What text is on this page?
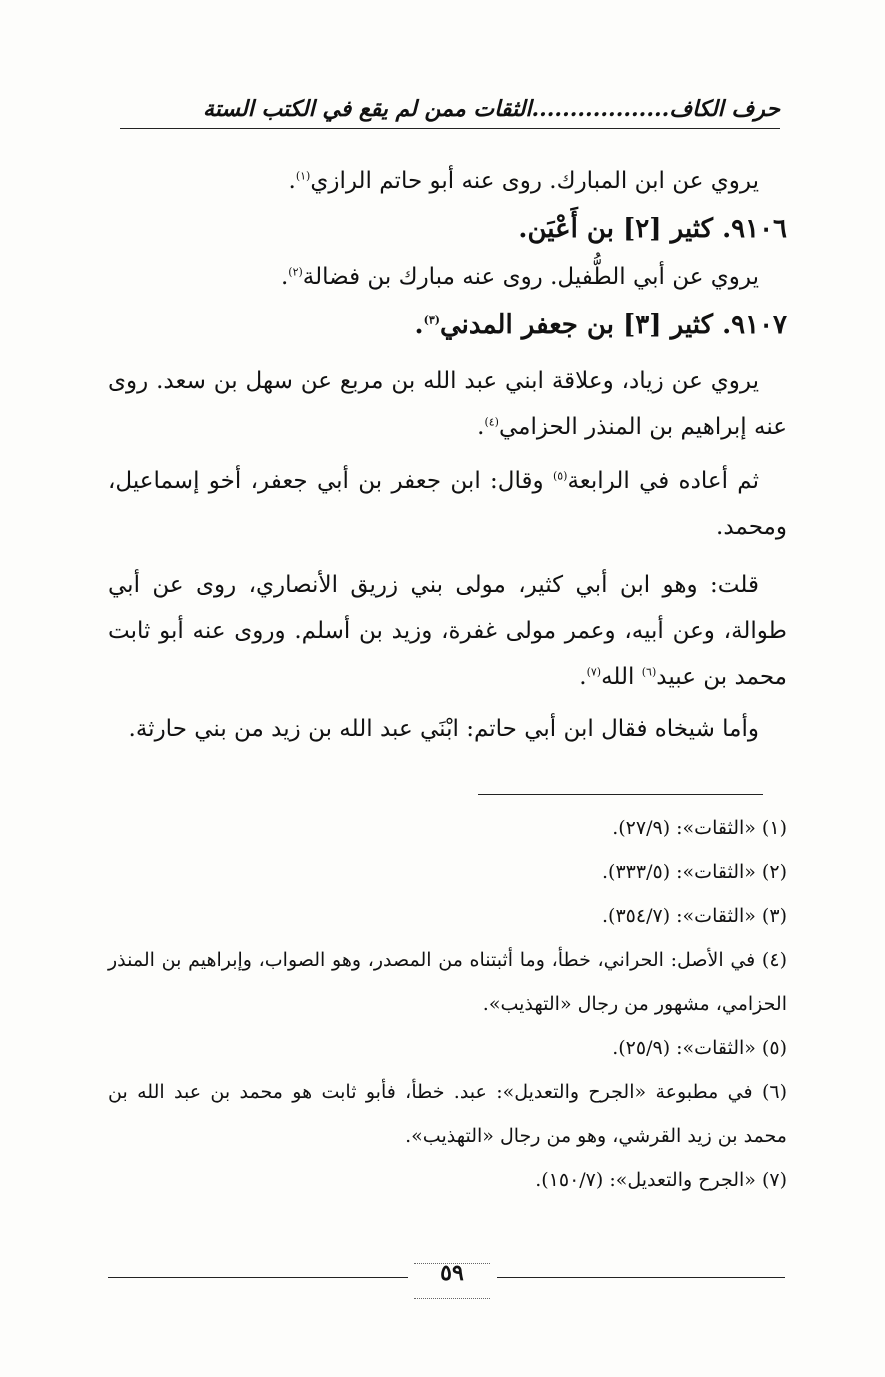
حرف الكاف..................الثقات ممن لم يقع في الكتب الستة

يروي عن ابن المبارك. روى عنه أبو حاتم الرازي$^{(١)}$.

٩١٠٦. كثير [٢] بن أَعْيَن.

يروي عن أبي الطُّفيل. روى عنه مبارك بن فضالة$^{(٢)}$.

٩١٠٧. كثير [٣] بن جعفر المدني$^{(٣)}$.

يروي عن زياد، وعلاقة ابني عبد الله بن مربع عن سهل بن سعد. روى عنه إبراهيم بن المنذر الحزامي$^{(٤)}$.

ثم أعاده في الرابعة$^{(٥)}$ وقال: ابن جعفر بن أبي جعفر، أخو إسماعيل، ومحمد.

قلت: وهو ابن أبي كثير، مولى بني زريق الأنصاري، روى عن أبي طوالة، وعن أبيه، وعمر مولى غفرة، وزيد بن أسلم. وروى عنه أبو ثابت محمد بن عبيد$^{(٦)}$ الله$^{(٧)}$.

وأما شيخاه فقال ابن أبي حاتم: ابْنَي عبد الله بن زيد من بني حارثة.

(١) «الثقات»: (٢٧/٩).

(٢) «الثقات»: (٣٣٣/٥).

(٣) «الثقات»: (٣٥٤/٧).

(٤) في الأصل: الحراني، خطأ، وما أثبتناه من المصدر، وهو الصواب، وإبراهيم بن المنذر الحزامي، مشهور من رجال «التهذيب».

(٥) «الثقات»: (٢٥/٩).

(٦) في مطبوعة «الجرح والتعديل»: عبد. خطأ، فأبو ثابت هو محمد بن عبد الله بن محمد بن زيد القرشي، وهو من رجال «التهذيب».

(٧) «الجرح والتعديل»: (١٥٠/٧).

٥٩
